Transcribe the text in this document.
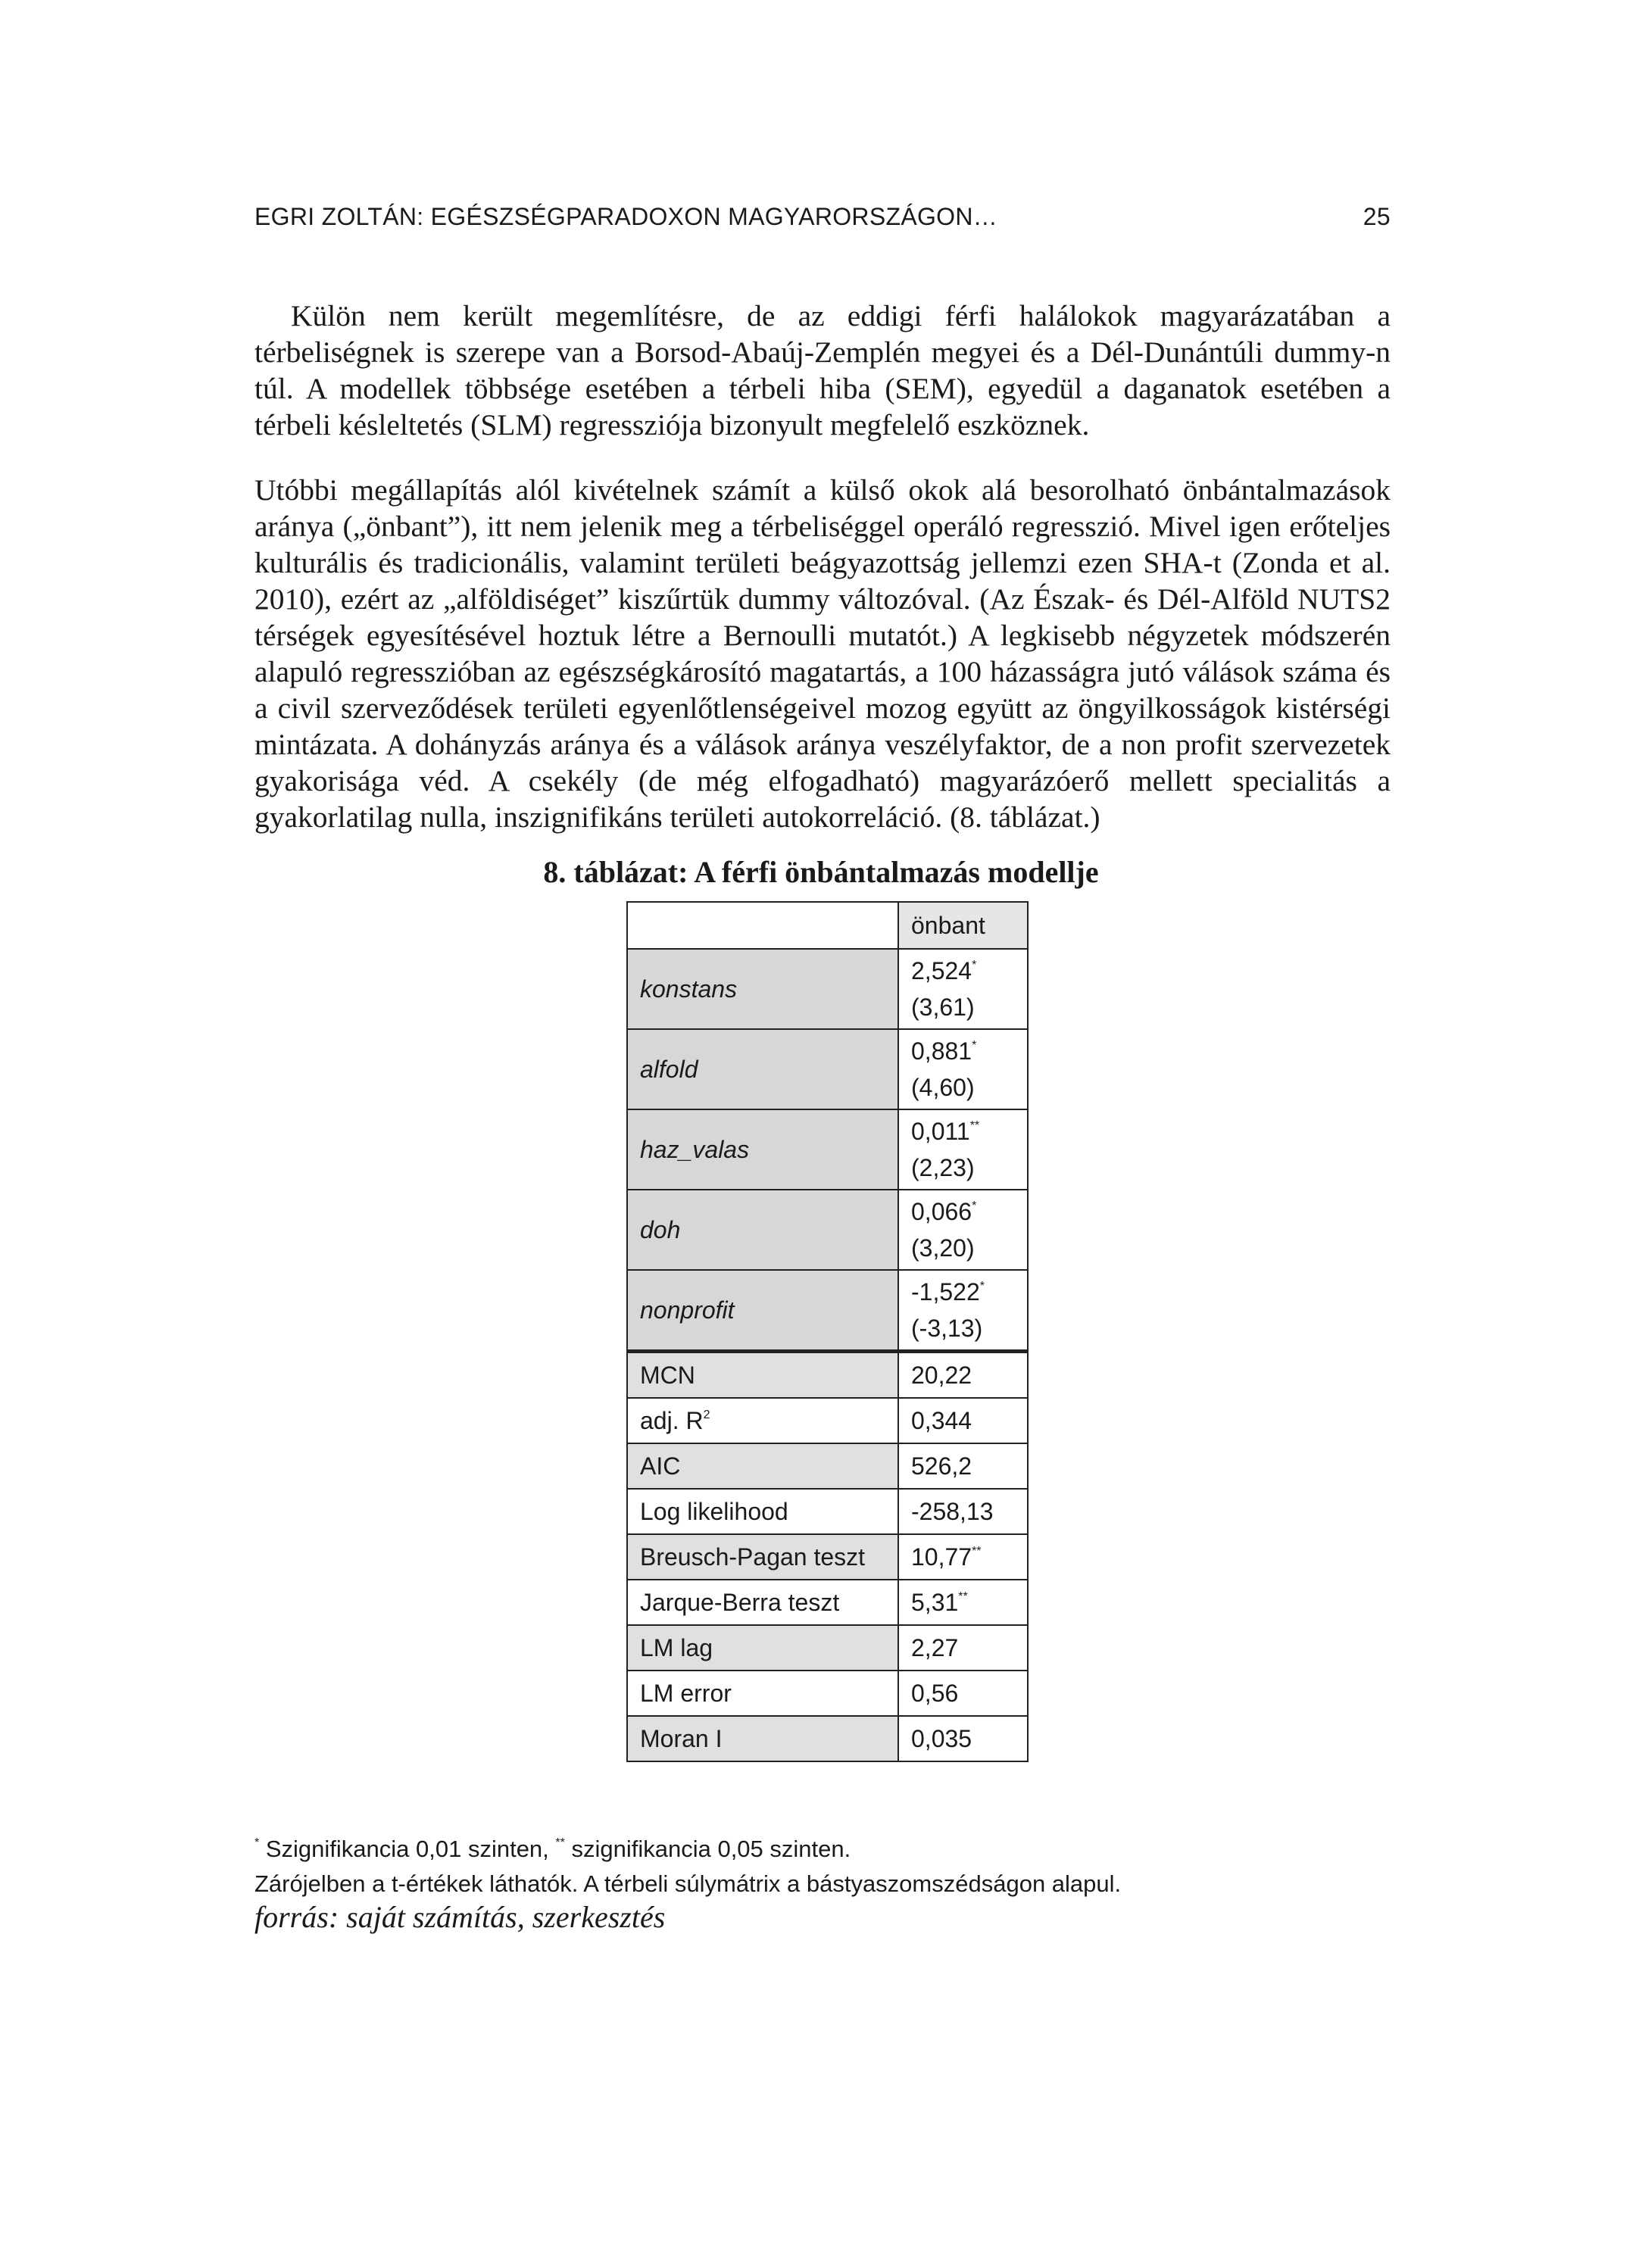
EGRI ZOLTÁN: EGÉSZSÉGPARADOXON MAGYARORSZÁGON…	25

Külön nem került megemlítésre, de az eddigi férfi halálokok magyarázatában a térbeliségnek is szerepe van a Borsod-Abaúj-Zemplén megyei és a Dél-Dunántúli dummy-n túl. A modellek többsége esetében a térbeli hiba (SEM), egyedül a daganatok esetében a térbeli késleltetés (SLM) regressziója bizonyult megfelelő eszköznek.

Utóbbi megállapítás alól kivételnek számít a külső okok alá besorolható önbántalmazások aránya („önbant”), itt nem jelenik meg a térbeliséggel operáló regresszió. Mivel igen erőteljes kulturális és tradicionális, valamint területi beágyazottság jellemzi ezen SHA-t (Zonda et al. 2010), ezért az „alföldiséget” kiszűrtük dummy változóval. (Az Észak- és Dél-Alföld NUTS2 térségek egyesítésével hoztuk létre a Bernoulli mutatót.) A legkisebb négyzetek módszerén alapuló regresszióban az egészségkárosító magatartás, a 100 házasságra jutó válások száma és a civil szerveződések területi egyenlőtlenségeivel mozog együtt az öngyilkosságok kistérségi mintázata. A dohányzás aránya és a válások aránya veszélyfaktor, de a non profit szervezetek gyakorisága véd. A csekély (de még elfogadható) magyarázóerő mellett specialitás a gyakorlatilag nulla, inszignifikáns területi autokorreláció. (8. táblázat.)

8. táblázat: A férfi önbántalmazás modellje
	önbant
konstans	2,524*
(3,61)
alfold	0,881*
(4,60)
haz_valas	0,011**
(2,23)
doh	0,066*
(3,20)
nonprofit	-1,522*
(-3,13)
MCN	20,22
adj. $R^2$	0,344
AIC	526,2
Log likelihood	-258,13
Breusch-Pagan teszt	10,77**
Jarque-Berra teszt	5,31**
LM lag	2,27
LM error	0,56
Moran I	0,035
* Szignifikancia 0,01 szinten, ** szignifikancia 0,05 szinten.
Zárójelben a t-értékek láthatók. A térbeli súlymátrix a bástyaszomszédságon alapul.
forrás: saját számítás, szerkesztés
